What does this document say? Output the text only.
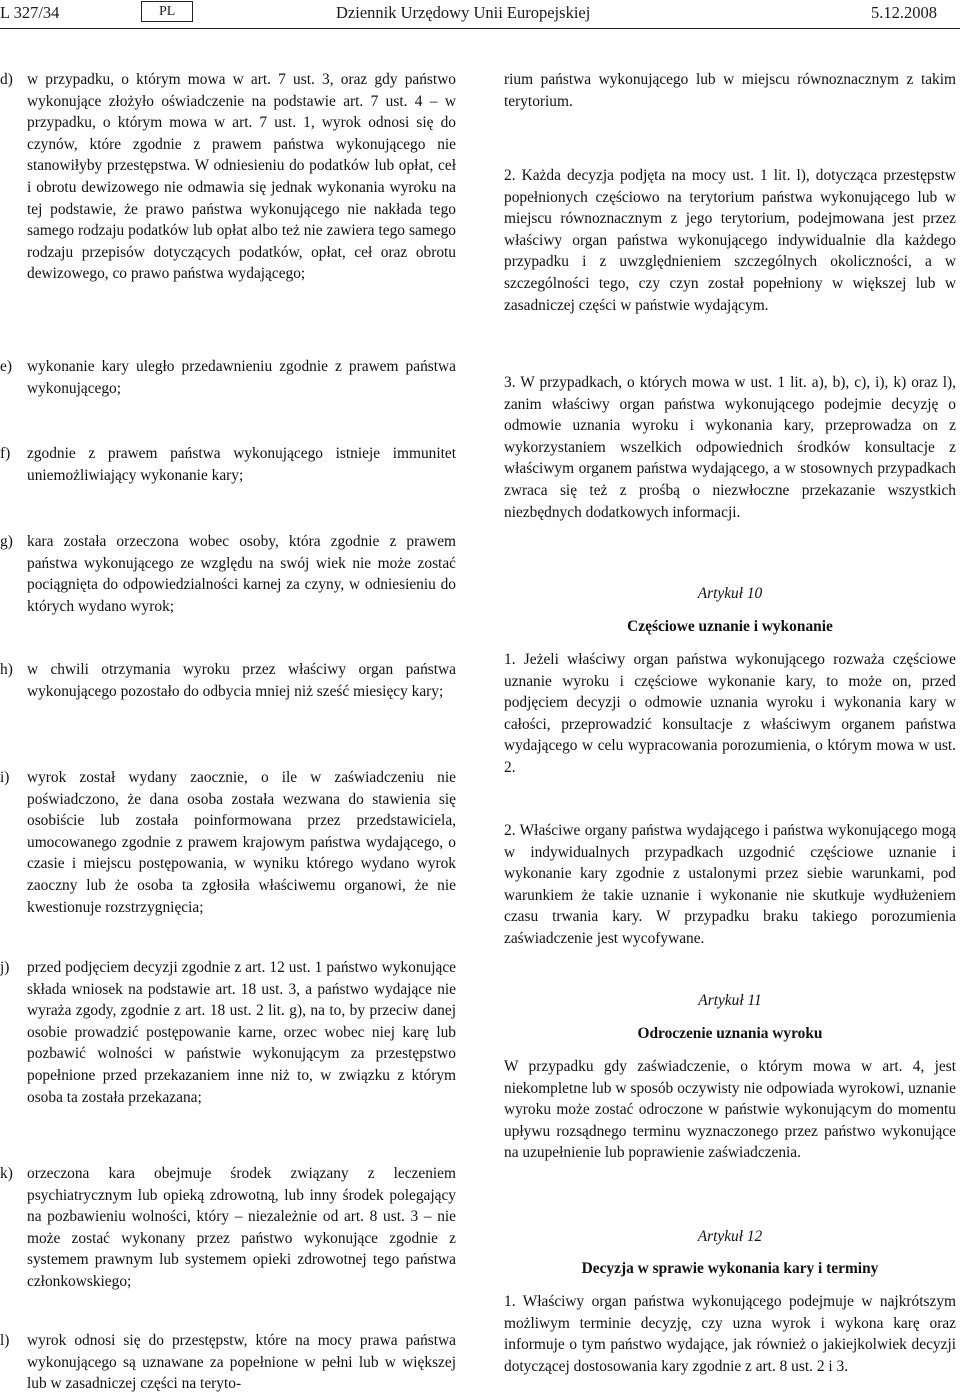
L 327/34	PL	Dziennik Urzędowy Unii Europejskiej	5.12.2008
d) w przypadku, o którym mowa w art. 7 ust. 3, oraz gdy państwo wykonujące złożyło oświadczenie na podstawie art. 7 ust. 4 – w przypadku, o którym mowa w art. 7 ust. 1, wyrok odnosi się do czynów, które zgodnie z prawem państwa wykonującego nie stanowiłyby przestępstwa. W odniesieniu do podatków lub opłat, ceł i obrotu dewizowego nie odmawia się jednak wykonania wyroku na tej podstawie, że prawo państwa wykonującego nie nakłada tego samego rodzaju podatków lub opłat albo też nie zawiera tego samego rodzaju przepisów dotyczących podatków, opłat, ceł oraz obrotu dewizowego, co prawo państwa wydającego;
e) wykonanie kary uległo przedawnieniu zgodnie z prawem państwa wykonującego;
f)	zgodnie z prawem państwa wykonującego istnieje immunitet uniemożliwiający wykonanie kary;
g) kara została orzeczona wobec osoby, która zgodnie z prawem państwa wykonującego ze względu na swój wiek nie może zostać pociągnięta do odpowiedzialności karnej za czyny, w odniesieniu do których wydano wyrok;
h) w chwili otrzymania wyroku przez właściwy organ państwa wykonującego pozostało do odbycia mniej niż sześć miesięcy kary;
i)	wyrok został wydany zaocznie, o ile w zaświadczeniu nie poświadczono, że dana osoba została wezwana do stawienia się osobiście lub została poinformowana przez przedstawiciela, umocowanego zgodnie z prawem krajowym państwa wydającego, o czasie i miejscu postępowania, w wyniku którego wydano wyrok zaoczny lub że osoba ta zgłosiła właściwemu organowi, że nie kwestionuje rozstrzygnięcia;
j)	przed podjęciem decyzji zgodnie z art. 12 ust. 1 państwo wykonujące składa wniosek na podstawie art. 18 ust. 3, a państwo wydające nie wyraża zgody, zgodnie z art. 18 ust. 2 lit. g), na to, by przeciw danej osobie prowadzić postępowanie karne, orzec wobec niej karę lub pozbawić wolności w państwie wykonującym za przestępstwo popełnione przed przekazaniem inne niż to, w związku z którym osoba ta została przekazana;
k) orzeczona kara obejmuje środek związany z leczeniem psychiatrycznym lub opieką zdrowotną, lub inny środek polegający na pozbawieniu wolności, który – niezależnie od art. 8 ust. 3 – nie może zostać wykonany przez państwo wykonujące zgodnie z systemem prawnym lub systemem opieki zdrowotnej tego państwa członkowskiego;
l)	wyrok odnosi się do przestępstw, które na mocy prawa państwa wykonującego są uznawane za popełnione w pełni lub w większej lub w zasadniczej części na teryto-
rium państwa wykonującego lub w miejscu równoznacznym z takim terytorium.
2. Każda decyzja podjęta na mocy ust. 1 lit. l), dotycząca przestępstw popełnionych częściowo na terytorium państwa wykonującego lub w miejscu równoznacznym z jego terytorium, podejmowana jest przez właściwy organ państwa wykonującego indywidualnie dla każdego przypadku i z uwzględnieniem szczególnych okoliczności, a w szczególności tego, czy czyn został popełniony w większej lub w zasadniczej części w państwie wydającym.
3. W przypadkach, o których mowa w ust. 1 lit. a), b), c), i), k) oraz l), zanim właściwy organ państwa wykonującego podejmie decyzję o odmowie uznania wyroku i wykonania kary, przeprowadza on z wykorzystaniem wszelkich odpowiednich środków konsultacje z właściwym organem państwa wydającego, a w stosownych przypadkach zwraca się też z prośbą o niezwłoczne przekazanie wszystkich niezbędnych dodatkowych informacji.
Artykuł 10
Częściowe uznanie i wykonanie
1. Jeżeli właściwy organ państwa wykonującego rozważa częściowe uznanie wyroku i częściowe wykonanie kary, to może on, przed podjęciem decyzji o odmowie uznania wyroku i wykonania kary w całości, przeprowadzić konsultacje z właściwym organem państwa wydającego w celu wypracowania porozumienia, o którym mowa w ust. 2.
2. Właściwe organy państwa wydającego i państwa wykonującego mogą w indywidualnych przypadkach uzgodnić częściowe uznanie i wykonanie kary zgodnie z ustalonymi przez siebie warunkami, pod warunkiem że takie uznanie i wykonanie nie skutkuje wydłużeniem czasu trwania kary. W przypadku braku takiego porozumienia zaświadczenie jest wycofywane.
Artykuł 11
Odroczenie uznania wyroku
W przypadku gdy zaświadczenie, o którym mowa w art. 4, jest niekompletne lub w sposób oczywisty nie odpowiada wyrokowi, uznanie wyroku może zostać odroczone w państwie wykonującym do momentu upływu rozsądnego terminu wyznaczonego przez państwo wykonujące na uzupełnienie lub poprawienie zaświadczenia.
Artykuł 12
Decyzja w sprawie wykonania kary i terminy
1. Właściwy organ państwa wykonującego podejmuje w najkrótszym możliwym terminie decyzję, czy uzna wyrok i wykona karę oraz informuje o tym państwo wydające, jak również o jakiejkolwiek decyzji dotyczącej dostosowania kary zgodnie z art. 8 ust. 2 i 3.
